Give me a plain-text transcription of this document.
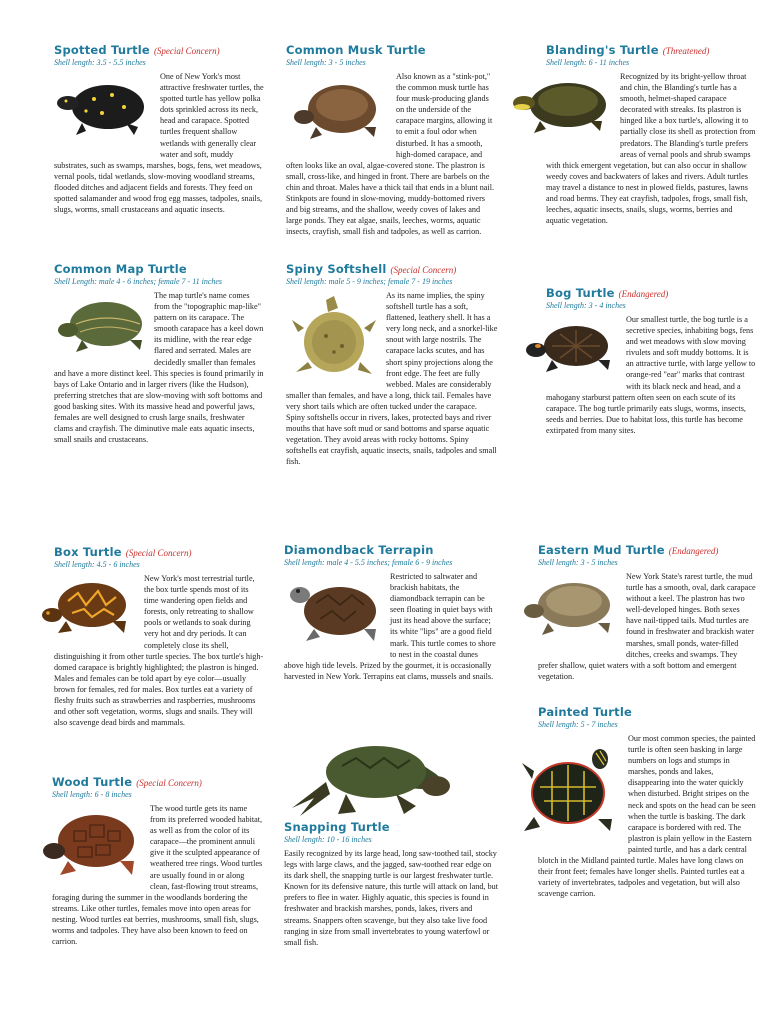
Spotted Turtle (Special Concern)
Shell length: 3.5 - 5.5 inches
One of New York's most attractive freshwater turtles, the spotted turtle has yellow polka dots sprinkled across its neck, head and carapace. Spotted turtles frequent shallow wetlands with generally clear water and soft, muddy substrates, such as swamps, marshes, bogs, fens, wet meadows, vernal pools, tidal wetlands, slow-moving woodland streams, flooded ditches and adjacent fields and forests. They feed on spotted salamander and wood frog egg masses, tadpoles, snails, slugs, worms, small crustaceans and aquatic insects.
Common Musk Turtle
Shell length: 3 - 5 inches
Also known as a "stink-pot," the common musk turtle has four musk-producing glands on the underside of the carapace margins, allowing it to emit a foul odor when disturbed. It has a smooth, high-domed carapace, and often looks like an oval, algae-covered stone. The plastron is small, cross-like, and hinged in front. There are barbels on the chin and throat. Males have a thick tail that ends in a blunt nail. Stinkpots are found in slow-moving, muddy-bottomed rivers and big streams, and the shallow, weedy coves of lakes and large ponds. They eat algae, snails, leeches, worms, aquatic insects, crayfish, small fish and tadpoles, as well as carrion.
Blanding's Turtle (Threatened)
Shell length: 6 - 11 inches
Recognized by its bright-yellow throat and chin, the Blanding's turtle has a smooth, helmet-shaped carapace decorated with streaks. Its plastron is hinged like a box turtle's, allowing it to partially close its shell as protection from predators. The Blanding's turtle prefers areas of vernal pools and shrub swamps with thick emergent vegetation, but can also occur in shallow weedy coves and backwaters of lakes and rivers. Adult turtles may travel a distance to nest in plowed fields, pastures, lawns and road berms. They eat crayfish, tadpoles, frogs, small fish, leeches, aquatic insects, snails, slugs, worms, berries and aquatic vegetation.
Common Map Turtle
Shell Length: male 4 - 6 inches; female 7 - 11 inches
The map turtle's name comes from the "topographic map-like" pattern on its carapace. The smooth carapace has a keel down its midline, with the rear edge flared and serrated. Males are decidedly smaller than females and have a more distinct keel. This species is found primarily in bays of Lake Ontario and in larger rivers (like the Hudson), preferring stretches that are slow-moving with soft bottoms and good basking sites. With its massive head and powerful jaws, females are well designed to crush large snails, freshwater clams and crayfish. The diminutive male eats aquatic insects, small snails and crustaceans.
Spiny Softshell (Special Concern)
Shell length: male 5 - 9 inches; female 7 - 19 inches
As its name implies, the spiny softshell turtle has a soft, flattened, leathery shell. It has a very long neck, and a snorkel-like snout with large nostrils. The carapace lacks scutes, and has short spiny projections along the front edge. The feet are fully webbed. Males are considerably smaller than females, and have a long, thick tail. Females have very short tails which are often tucked under the carapace. Spiny softshells occur in rivers, lakes, protected bays and river mouths that have soft mud or sand bottoms and sparse aquatic vegetation. They avoid areas with rocky bottoms. Spiny softshells eat crayfish, aquatic insects, snails, tadpoles and small fish.
Bog Turtle (Endangered)
Shell length: 3 - 4 inches
Our smallest turtle, the bog turtle is a secretive species, inhabiting bogs, fens and wet meadows with slow moving rivulets and soft muddy bottoms. It is an attractive turtle, with large yellow to orange-red "ear" marks that contrast with its black neck and head, and a mahogany starburst pattern often seen on each scute of its carapace. The bog turtle primarily eats slugs, worms, insects, seeds and berries. Due to habitat loss, this turtle has become extirpated from many sites.
Box Turtle (Special Concern)
Shell length: 4.5 - 6 inches
New York's most terrestrial turtle, the box turtle spends most of its time wandering open fields and forests, only retreating to shallow pools or wetlands to soak during very hot and dry periods. It can completely close its shell, distinguishing it from other turtle species. The box turtle's high-domed carapace is brightly highlighted; the plastron is hinged. Males and females can be told apart by eye color—usually brown for females, red for males. Box turtles eat a variety of fleshy fruits such as strawberries and raspberries, mushrooms and other soft vegetation, worms, slugs and snails. They will also scavenge dead birds and mammals.
Diamondback Terrapin
Shell length: male 4 - 5.5 inches; female 6 - 9 inches
Restricted to saltwater and brackish habitats, the diamondback terrapin can be seen floating in quiet bays with just its head above the surface; its white "lips" are a good field mark. This turtle comes to shore to nest in the coastal dunes above high tide levels. Prized by the gourmet, it is occasionally harvested in New York. Terrapins eat clams, mussels and snails.
Eastern Mud Turtle (Endangered)
Shell length: 3 - 5 inches
New York State's rarest turtle, the mud turtle has a smooth, oval, dark carapace without a keel. The plastron has two well-developed hinges. Both sexes have nail-tipped tails. Mud turtles are found in freshwater and brackish water marshes, small ponds, water-filled ditches, creeks and swamps. They prefer shallow, quiet waters with a soft bottom and emergent vegetation.
Painted Turtle
Shell length: 5 - 7 inches
Our most common species, the painted turtle is often seen basking in large numbers on logs and stumps in marshes, ponds and lakes, disappearing into the water quickly when disturbed. Bright stripes on the neck and spots on the head can be seen when the turtle is basking. The dark carapace is bordered with red. The plastron is plain yellow in the Eastern painted turtle, and has a dark central blotch in the Midland painted turtle. Males have long claws on their front feet; females have longer shells. Painted turtles eat a variety of invertebrates, tadpoles and vegetation, but will also scavenge carrion.
Wood Turtle (Special Concern)
Shell length: 6 - 8 inches
The wood turtle gets its name from its preferred wooded habitat, as well as from the color of its carapace—the prominent annuli give it the sculpted appearance of weathered tree rings. Wood turtles are usually found in or along clean, fast-flowing trout streams, foraging during the summer in the woodlands bordering the streams. Like other turtles, females move into open areas for nesting. Wood turtles eat berries, mushrooms, small fish, slugs, worms and tadpoles. They have also been known to feed on carrion.
Snapping Turtle
Shell length: 10 - 16 inches
Easily recognized by its large head, long saw-toothed tail, stocky legs with large claws, and the jagged, saw-toothed rear edge on its dark shell, the snapping turtle is our largest freshwater turtle. Known for its defensive nature, this turtle will attack on land, but prefers to flee in water. Highly aquatic, this species is found in freshwater and brackish marshes, ponds, lakes, rivers and streams. Snappers often scavenge, but they also take live food ranging in size from small invertebrates to young waterfowl or small fish.
